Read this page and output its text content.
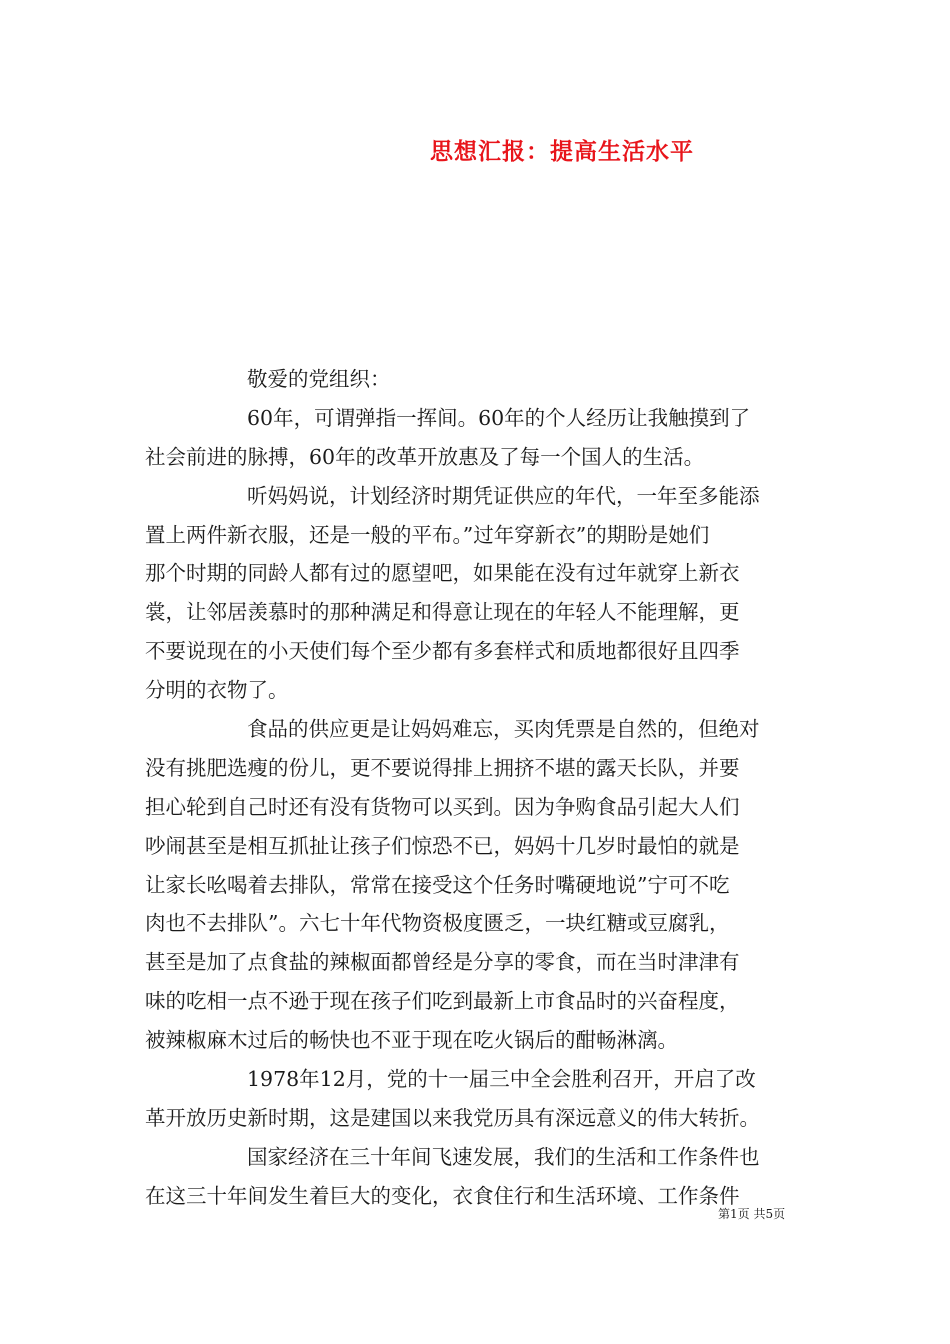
思想汇报：提高生活水平
敬爱的党组织：
60年，可谓弹指一挥间。60年的个人经历让我触摸到了
社会前进的脉搏，60年的改革开放惠及了每一个国人的生活。
听妈妈说，计划经济时期凭证供应的年代，一年至多能添
置上两件新衣服，还是一般的平布。”过年穿新衣”的期盼是她们
那个时期的同龄人都有过的愿望吧，如果能在没有过年就穿上新衣
裳，让邻居羡慕时的那种满足和得意让现在的年轻人不能理解，更
不要说现在的小天使们每个至少都有多套样式和质地都很好且四季
分明的衣物了。
食品的供应更是让妈妈难忘，买肉凭票是自然的，但绝对
没有挑肥选瘦的份儿，更不要说得排上拥挤不堪的露天长队，并要
担心轮到自己时还有没有货物可以买到。因为争购食品引起大人们
吵闹甚至是相互抓扯让孩子们惊恐不已，妈妈十几岁时最怕的就是
让家长吆喝着去排队，常常在接受这个任务时嘴硬地说”宁可不吃
肉也不去排队”。六七十年代物资极度匮乏，一块红糖或豆腐乳，
甚至是加了点食盐的辣椒面都曾经是分享的零食，而在当时津津有
味的吃相一点不逊于现在孩子们吃到最新上市食品时的兴奋程度，
被辣椒麻木过后的畅快也不亚于现在吃火锅后的酣畅淋漓。
1978年12月，党的十一届三中全会胜利召开，开启了改
革开放历史新时期，这是建国以来我党历具有深远意义的伟大转折。
国家经济在三十年间飞速发展，我们的生活和工作条件也
在这三十年间发生着巨大的变化，衣食住行和生活环境、工作条件
第1页 共5页
